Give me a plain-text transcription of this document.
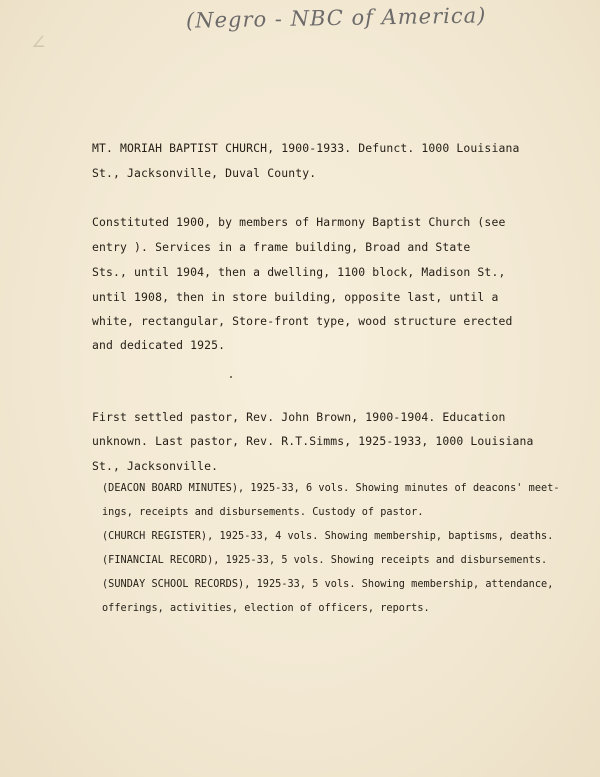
∠
(Negro - NBC of America)
MT. MORIAH BAPTIST CHURCH, 1900-1933. Defunct. 1000 Louisiana
St., Jacksonville, Duval County.
Constituted 1900, by members of Harmony Baptist Church (see
entry ). Services in a frame building, Broad and State
Sts., until 1904, then a dwelling, 1100 block, Madison St.,
until 1908, then in store building, opposite last, until a
white, rectangular, Store-front type, wood structure erected
and dedicated 1925.
First settled pastor, Rev. John Brown, 1900-1904. Education
unknown. Last pastor, Rev. R.T.Simms, 1925-1933, 1000 Louisiana
St., Jacksonville.
(DEACON BOARD MINUTES), 1925-33, 6 vols. Showing minutes of deacons' meet-
ings, receipts and disbursements. Custody of pastor.
(CHURCH REGISTER), 1925-33, 4 vols. Showing membership, baptisms, deaths.
(FINANCIAL RECORD), 1925-33, 5 vols. Showing receipts and disbursements.
(SUNDAY SCHOOL RECORDS), 1925-33, 5 vols. Showing membership, attendance,
offerings, activities, election of officers, reports.
